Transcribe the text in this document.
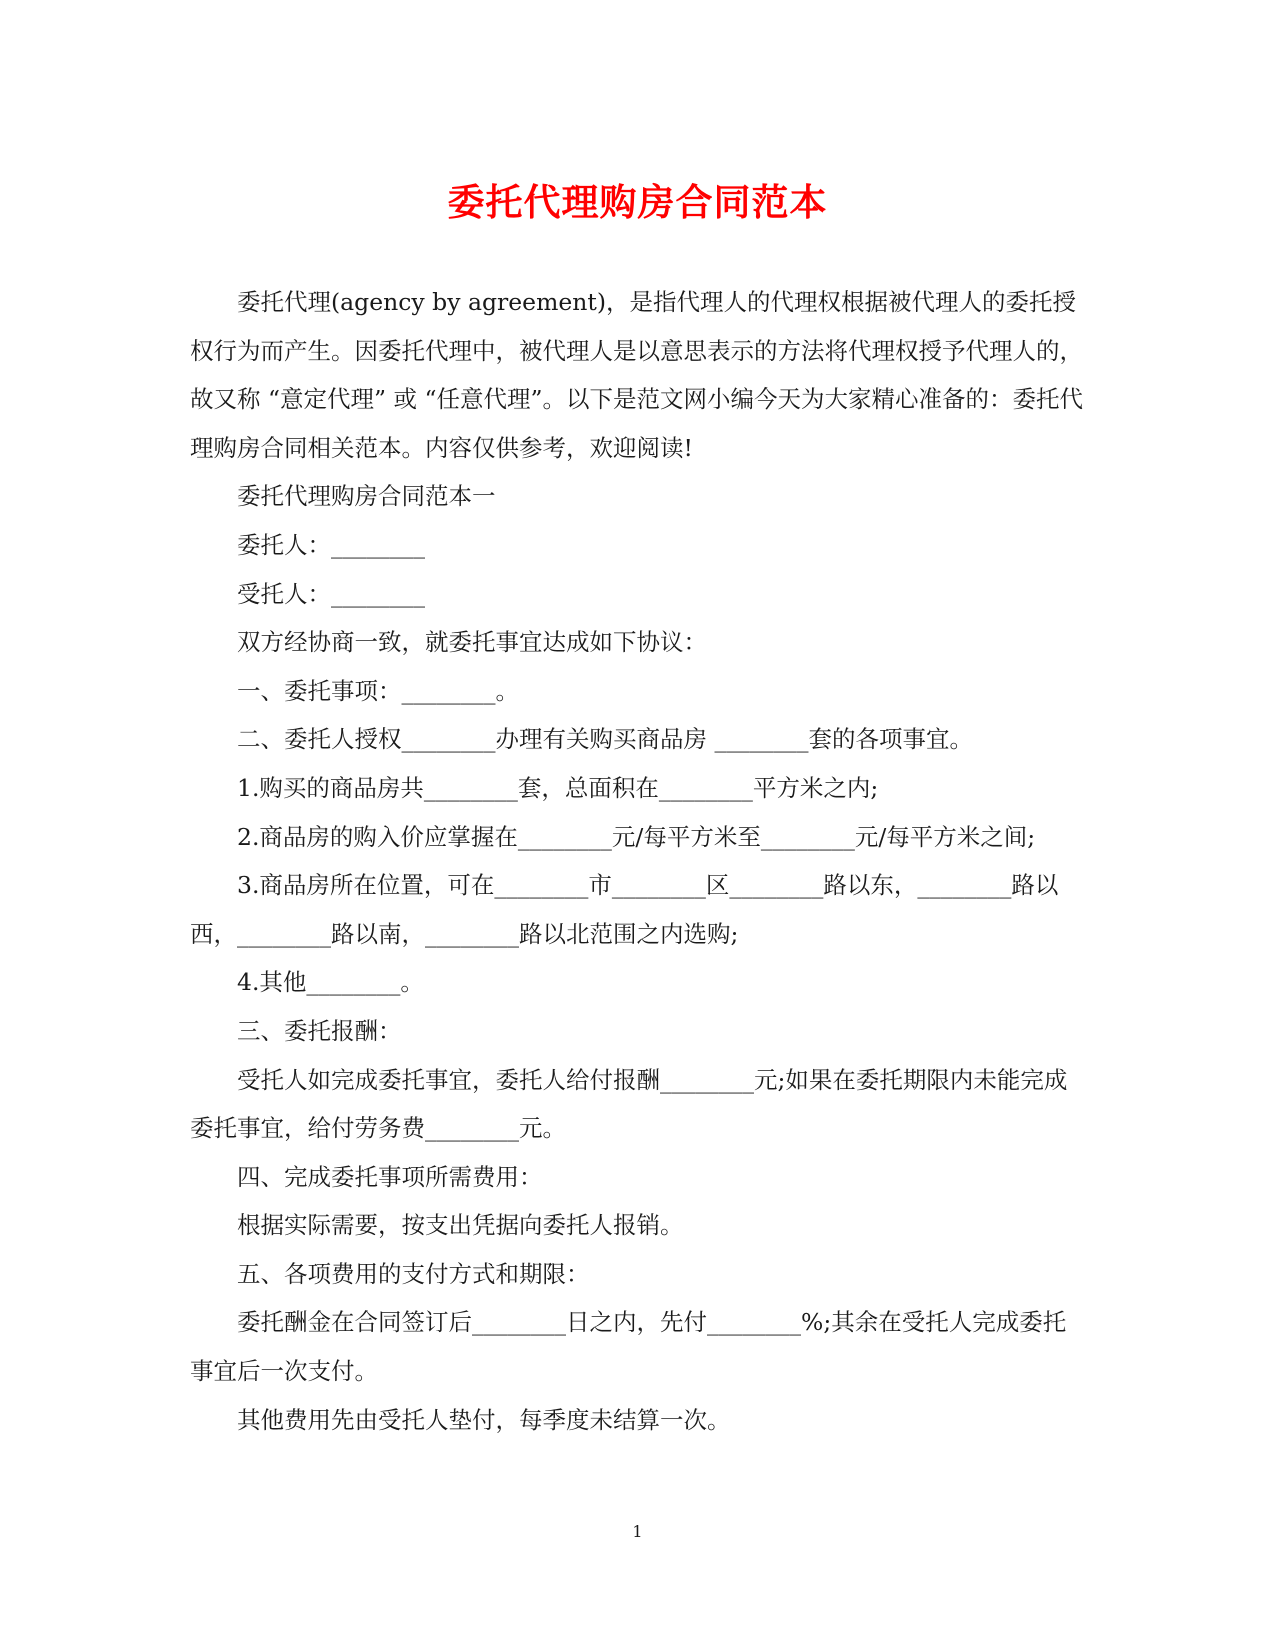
委托代理购房合同范本

委托代理(agency by agreement)，是指代理人的代理权根据被代理人的委托授权行为而产生。因委托代理中，被代理人是以意思表示的方法将代理权授予代理人的，故又称 “意定代理” 或 “任意代理”。以下是范文网小编今天为大家精心准备的：委托代理购房合同相关范本。内容仅供参考，欢迎阅读!

委托代理购房合同范本一

委托人：________

受托人：________

双方经协商一致，就委托事宜达成如下协议：

一、委托事项：________。

二、委托人授权________办理有关购买商品房 ________套的各项事宜。

1.购买的商品房共________套，总面积在________平方米之内;

2.商品房的购入价应掌握在________元/每平方米至________元/每平方米之间;

3.商品房所在位置，可在________市________区________路以东，________路以西，________路以南，________路以北范围之内选购;

4.其他________。

三、委托报酬：

受托人如完成委托事宜，委托人给付报酬________元;如果在委托期限内未能完成委托事宜，给付劳务费________元。

四、完成委托事项所需费用：

根据实际需要，按支出凭据向委托人报销。

五、各项费用的支付方式和期限：

委托酬金在合同签订后________日之内，先付________%;其余在受托人完成委托事宜后一次支付。

其他费用先由受托人垫付，每季度未结算一次。

1
